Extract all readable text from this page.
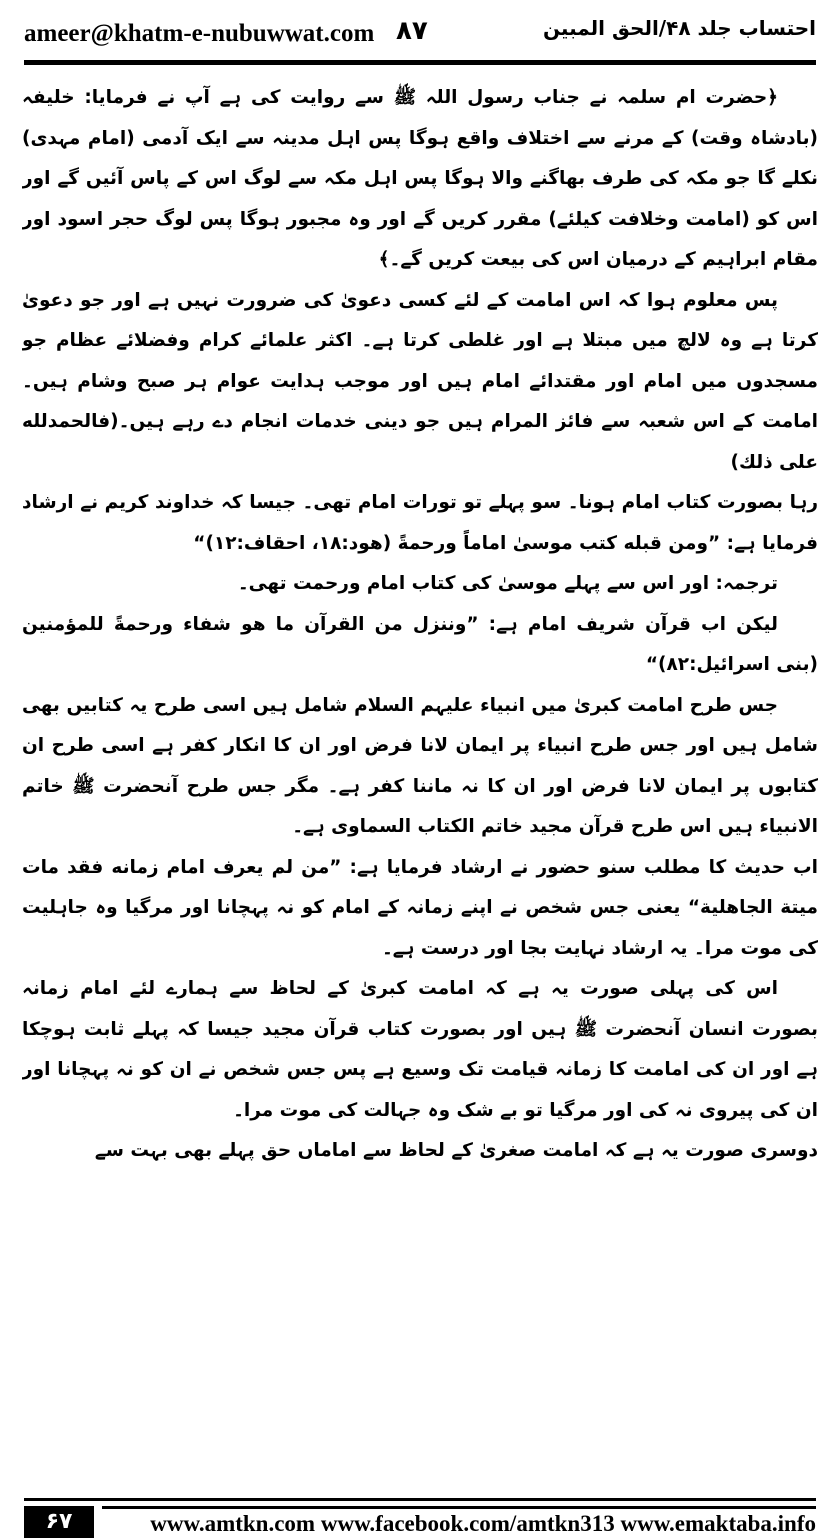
ameer@khatm-e-nubuwwat.com ۸۷	احتساب جلد ۴۸/الحق المبین

﴿حضرت ام سلمہ نے جناب رسول اللہ ﷺ سے روایت کی ہے آپ نے فرمایا: خلیفہ (بادشاہ وقت) کے مرنے سے اختلاف واقع ہوگا پس اہل مدینہ سے ایک آدمی (امام مہدی) نکلے گا جو مکہ کی طرف بھاگنے والا ہوگا پس اہل مکہ سے لوگ اس کے پاس آئیں گے اور اس کو (امامت وخلافت کیلئے) مقرر کریں گے اور وہ مجبور ہوگا پس لوگ حجر اسود اور مقام ابراہیم کے درمیان اس کی بیعت کریں گے۔﴾

پس معلوم ہوا کہ اس امامت کے لئے کسی دعویٰ کی ضرورت نہیں ہے اور جو دعویٰ کرتا ہے وہ لالچ میں مبتلا ہے اور غلطی کرتا ہے۔ اکثر علمائے کرام وفضلائے عظام جو مسجدوں میں امام اور مقتدائے امام ہیں اور موجب ہدایت عوام ہر صبح وشام ہیں۔ امامت کے اس شعبہ سے فائز المرام ہیں جو دینی خدمات انجام دے رہے ہیں۔(فالحمدلله علی ذلك)

رہا بصورت کتاب امام ہونا۔ سو پہلے تو تورات امام تھی۔ جیسا کہ خداوند کریم نے ارشاد فرمایا ہے: ”ومن قبله کتب موسیٰ اماماً ورحمةً (هود:۱۸، احقاف:۱۲)“

ترجمہ: اور اس سے پہلے موسیٰ کی کتاب امام ورحمت تھی۔

لیکن اب قرآن شریف امام ہے: ”وننزل من القرآن ما هو شفاء ورحمةً للمؤمنین (بنی اسرائیل:۸۲)“

جس طرح امامت کبریٰ میں انبیاء علیہم السلام شامل ہیں اسی طرح یہ کتابیں بھی شامل ہیں اور جس طرح انبیاء پر ایمان لانا فرض اور ان کا انکار کفر ہے اسی طرح ان کتابوں پر ایمان لانا فرض اور ان کا نہ ماننا کفر ہے۔ مگر جس طرح آنحضرت ﷺ خاتم الانبیاء ہیں اس طرح قرآن مجید خاتم الکتاب السماوی ہے۔

اب حدیث کا مطلب سنو حضور نے ارشاد فرمایا ہے: ”من لم یعرف امام زمانه فقد مات میتة الجاهلیة“ یعنی جس شخص نے اپنے زمانہ کے امام کو نہ پہچانا اور مرگیا وہ جاہلیت کی موت مرا۔ یہ ارشاد نہایت بجا اور درست ہے۔

اس کی پہلی صورت یہ ہے کہ امامت کبریٰ کے لحاظ سے ہمارے لئے امام زمانہ بصورت انسان آنحضرت ﷺ ہیں اور بصورت کتاب قرآن مجید جیسا کہ پہلے ثابت ہوچکا ہے اور ان کی امامت کا زمانہ قیامت تک وسیع ہے پس جس شخص نے ان کو نہ پہچانا اور ان کی پیروی نہ کی اور مرگیا تو بے شک وہ جہالت کی موت مرا۔

دوسری صورت یہ ہے کہ امامت صغریٰ کے لحاظ سے اماماں حق پہلے بھی بہت سے

۶۷	www.amtkn.com www.facebook.com/amtkn313 www.emaktaba.info
